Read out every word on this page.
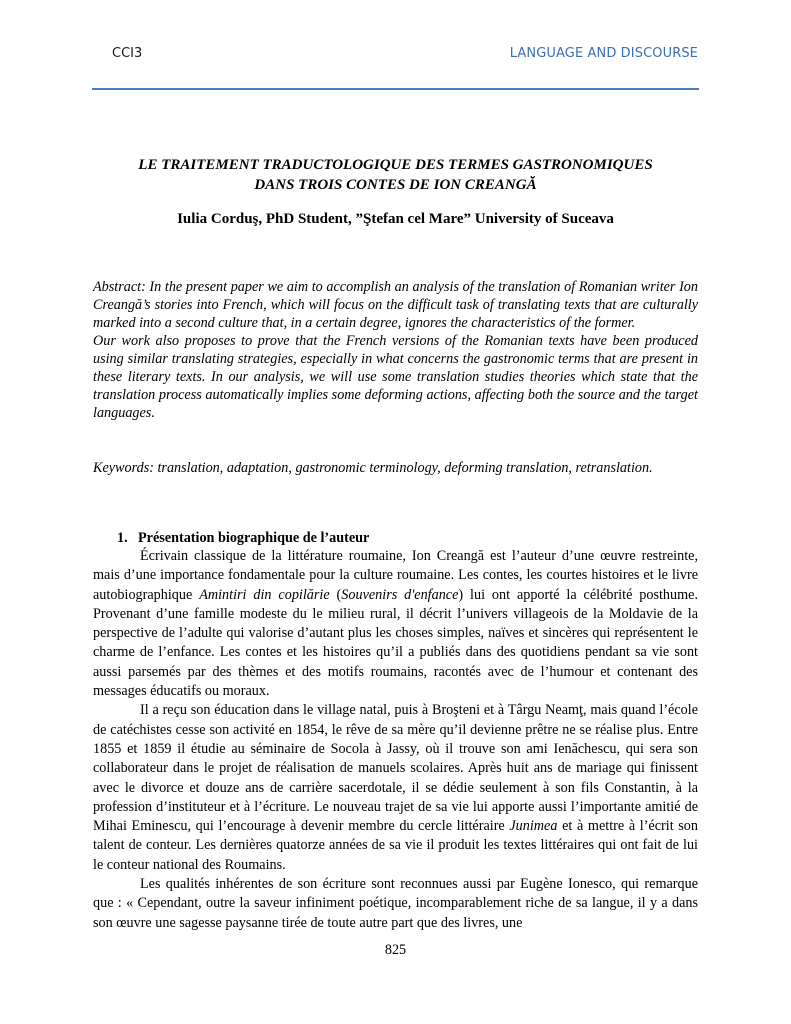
CCI3	LANGUAGE AND DISCOURSE
LE TRAITEMENT TRADUCTOLOGIQUE DES TERMES GASTRONOMIQUES
DANS TROIS CONTES DE ION CREANGĂ
Iulia Corduş, PhD Student, ”Ştefan cel Mare” University of Suceava

Abstract: In the present paper we aim to accomplish an analysis of the translation of Romanian writer Ion Creangă’s stories into French, which will focus on the difficult task of translating texts that are culturally marked into a second culture that, in a certain degree, ignores the characteristics of the former.

Our work also proposes to prove that the French versions of the Romanian texts have been produced using similar translating strategies, especially in what concerns the gastronomic terms that are present in these literary texts. In our analysis, we will use some translation studies theories which state that the translation process automatically implies some deforming actions, affecting both the source and the target languages.

Keywords: translation, adaptation, gastronomic terminology, deforming translation, retranslation.
1. Présentation biographique de l’auteur

Écrivain classique de la littérature roumaine, Ion Creangă est l’auteur d’une œuvre restreinte, mais d’une importance fondamentale pour la culture roumaine. Les contes, les courtes histoires et le livre autobiographique Amintiri din copilărie (Souvenirs d'enfance) lui ont apporté la célébrité posthume. Provenant d’une famille modeste du le milieu rural, il décrit l’univers villageois de la Moldavie de la perspective de l’adulte qui valorise d’autant plus les choses simples, naïves et sincères qui représentent le charme de l’enfance. Les contes et les histoires qu’il a publiés dans des quotidiens pendant sa vie sont aussi parsemés par des thèmes et des motifs roumains, racontés avec de l’humour et contenant des messages éducatifs ou moraux.

Il a reçu son éducation dans le village natal, puis à Broşteni et à Târgu Neamţ, mais quand l’école de catéchistes cesse son activité en 1854, le rêve de sa mère qu’il devienne prêtre ne se réalise plus. Entre 1855 et 1859 il étudie au séminaire de Socola à Jassy, où il trouve son ami Ienăchescu, qui sera son collaborateur dans le projet de réalisation de manuels scolaires. Après huit ans de mariage qui finissent avec le divorce et douze ans de carrière sacerdotale, il se dédie seulement à son fils Constantin, à la profession d’instituteur et à l’écriture. Le nouveau trajet de sa vie lui apporte aussi l’importante amitié de Mihai Eminescu, qui l’encourage à devenir membre du cercle littéraire Junimea et à mettre à l’écrit son talent de conteur. Les dernières quatorze années de sa vie il produit les textes littéraires qui ont fait de lui le conteur national des Roumains.

Les qualités inhérentes de son écriture sont reconnues aussi par Eugène Ionesco, qui remarque que : « Cependant, outre la saveur infiniment poétique, incomparablement riche de sa langue, il y a dans son œuvre une sagesse paysanne tirée de toute autre part que des livres, une

825
